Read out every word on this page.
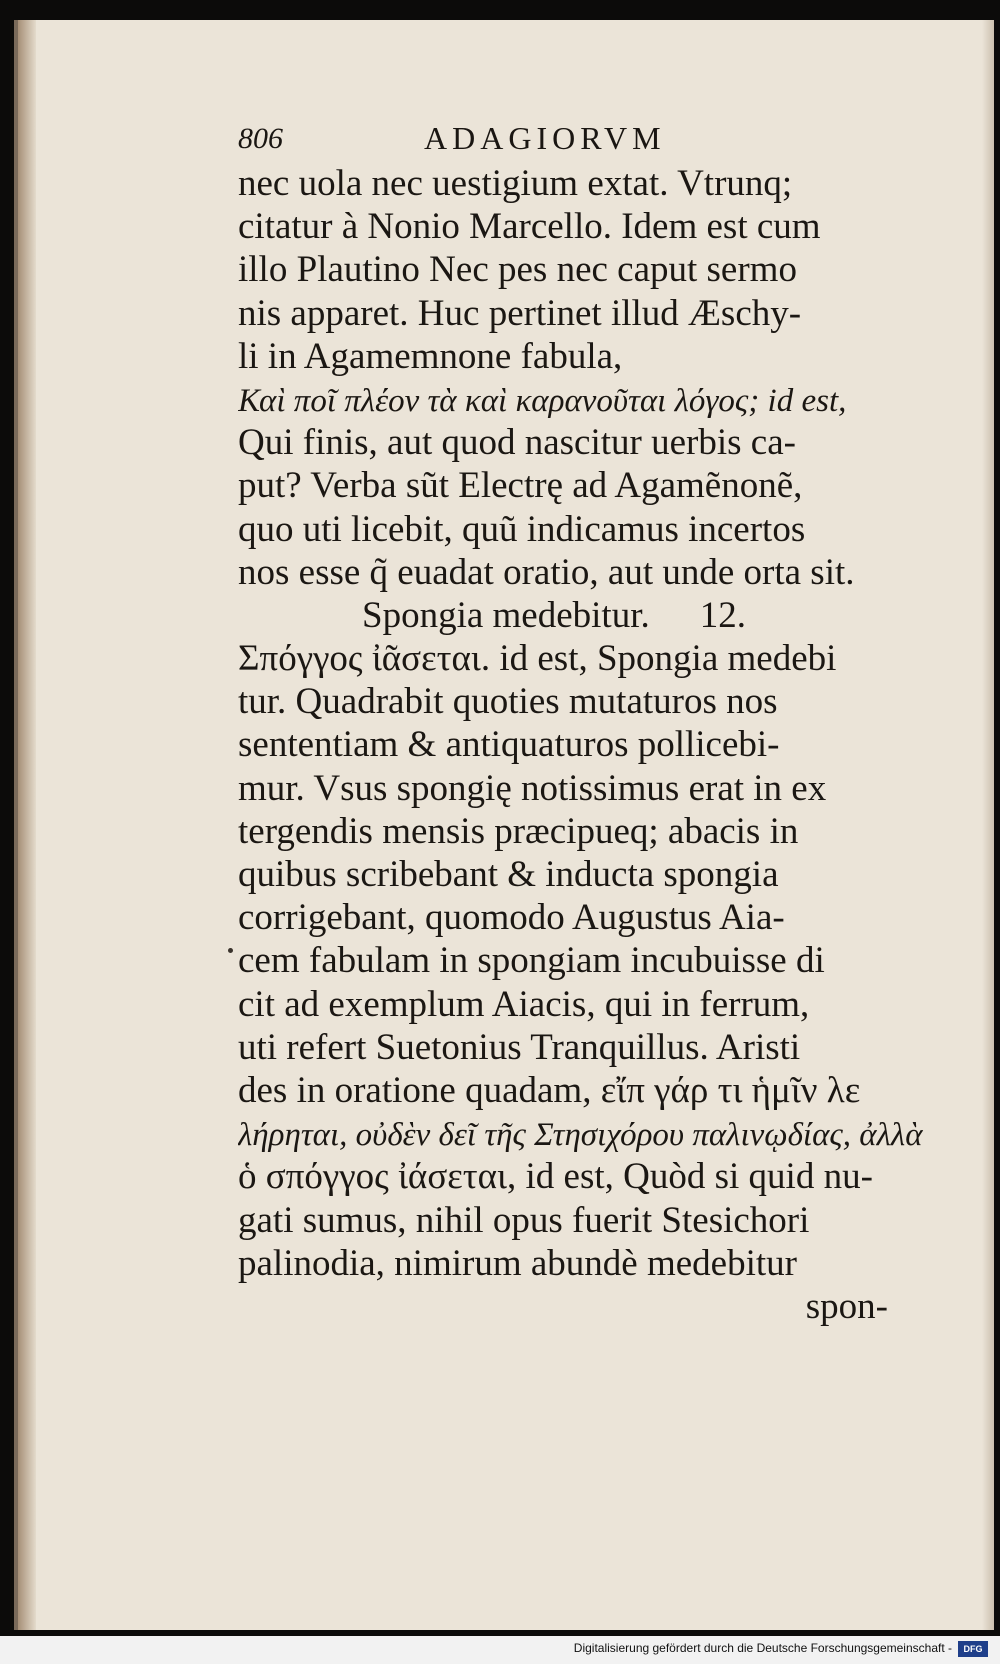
806	ADAGIORVM
nec uola nec uestigium extat. Vtrunq;
citatur à Nonio Marcello. Idem est cum
illo Plautino Nec pes nec caput sermo
nis apparet. Huc pertinet illud Æschy-
li in Agamemnone fabula,
Καὶ ποῖ πλέον τὰ καὶ καρανοῦται λόγος; id est,
Qui finis, aut quod nascitur uerbis ca-
put? Verba sũt Electrę ad Agamẽnonẽ,
quo uti licebit, quũ indicamus incertos
nos esse q̃ euadat oratio, aut unde orta sit.
Spongia medebitur. 12.
Σπόγγος ἰᾶσεται. id est, Spongia medebi
tur. Quadrabit quoties mutaturos nos
sententiam & antiquaturos pollicebi-
mur. Vsus spongię notissimus erat in ex
tergendis mensis præcipueq; abacis in
quibus scribebant & inducta spongia
corrigebant, quomodo Augustus Aia-
cem fabulam in spongiam incubuisse di
cit ad exemplum Aiacis, qui in ferrum,
uti refert Suetonius Tranquillus. Aristi
des in oratione quadam, εἴπ γάρ τι ἡμῖν λε
λήρηται, οὐδὲν δεῖ τῆς Στησιχόρου παλινῳδίας, ἀλλὰ
ὁ σπόγγος ἰάσεται, id est, Quòd si quid nu-
gati sumus, nihil opus fuerit Stesichori
palinodia, nimirum abundè medebitur
spon-
Digitalisierung gefördert durch die Deutsche Forschungsgemeinschaft -	DFG
